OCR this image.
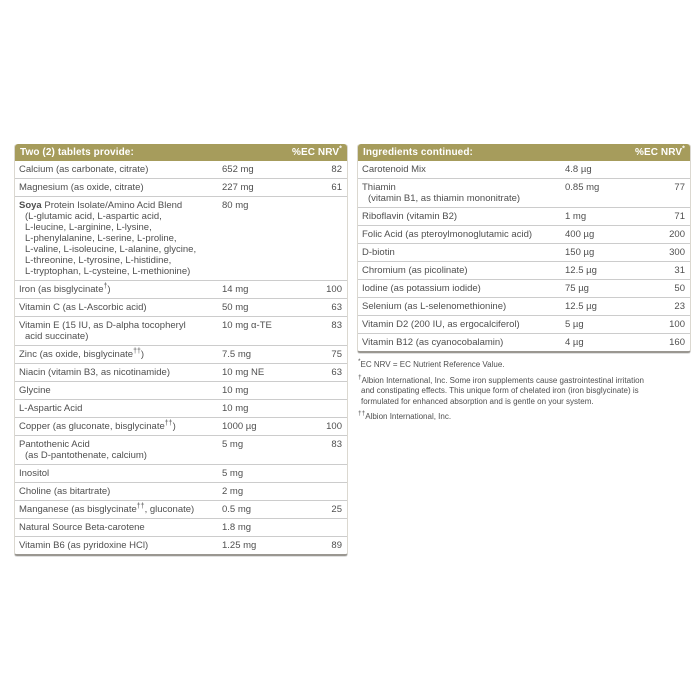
Two (2) tablets provide:	%EC NRV*
Calcium (as carbonate, citrate)	652 mg	82
Magnesium (as oxide, citrate)	227 mg	61
Soya Protein Isolate/Amino Acid Blend
(L-glutamic acid, L-aspartic acid,
L-leucine, L-arginine, L-lysine,
L-phenylalanine, L-serine, L-proline,
L-valine, L-isoleucine, L-alanine, glycine,
L-threonine, L-tyrosine, L-histidine,
L-tryptophan, L-cysteine, L-methionine)
80 mg
Iron (as bisglycinate†)	14 mg	100
Vitamin C (as L-Ascorbic acid)	50 mg	63
Vitamin E (15 IU, as D-alpha tocopheryl
acid succinate)
10 mg α-TE	83
Zinc (as oxide, bisglycinate††)	7.5 mg	75
Niacin (vitamin B3, as nicotinamide)	10 mg NE	63
Glycine	10 mg
L-Aspartic Acid	10 mg
Copper (as gluconate, bisglycinate††)	1000 µg	100
Pantothenic Acid
(as D-pantothenate, calcium)
5 mg	83
Inositol	5 mg
Choline (as bitartrate)	2 mg
Manganese (as bisglycinate††, gluconate)	0.5 mg	25
Natural Source Beta-carotene	1.8 mg
Vitamin B6 (as pyridoxine HCl)	1.25 mg	89
Ingredients continued:	%EC NRV*
Carotenoid Mix	4.8 µg
Thiamin
(vitamin B1, as thiamin mononitrate)
0.85 mg	77
Riboflavin (vitamin B2)	1 mg	71
Folic Acid (as pteroylmonoglutamic acid)	400 µg	200
D-biotin	150 µg	300
Chromium (as picolinate)	12.5 µg	31
Iodine (as potassium iodide)	75 µg	50
Selenium (as L-selenomethionine)	12.5 µg	23
Vitamin D2 (200 IU, as ergocalciferol)	5 µg	100
Vitamin B12 (as cyanocobalamin)	4 µg	160
*EC NRV = EC Nutrient Reference Value.
†Albion International, Inc. Some iron supplements cause gastrointestinal irritation
and constipating effects. This unique form of chelated iron (iron bisglycinate) is
formulated for enhanced absorption and is gentle on your system.
††Albion International, Inc.
